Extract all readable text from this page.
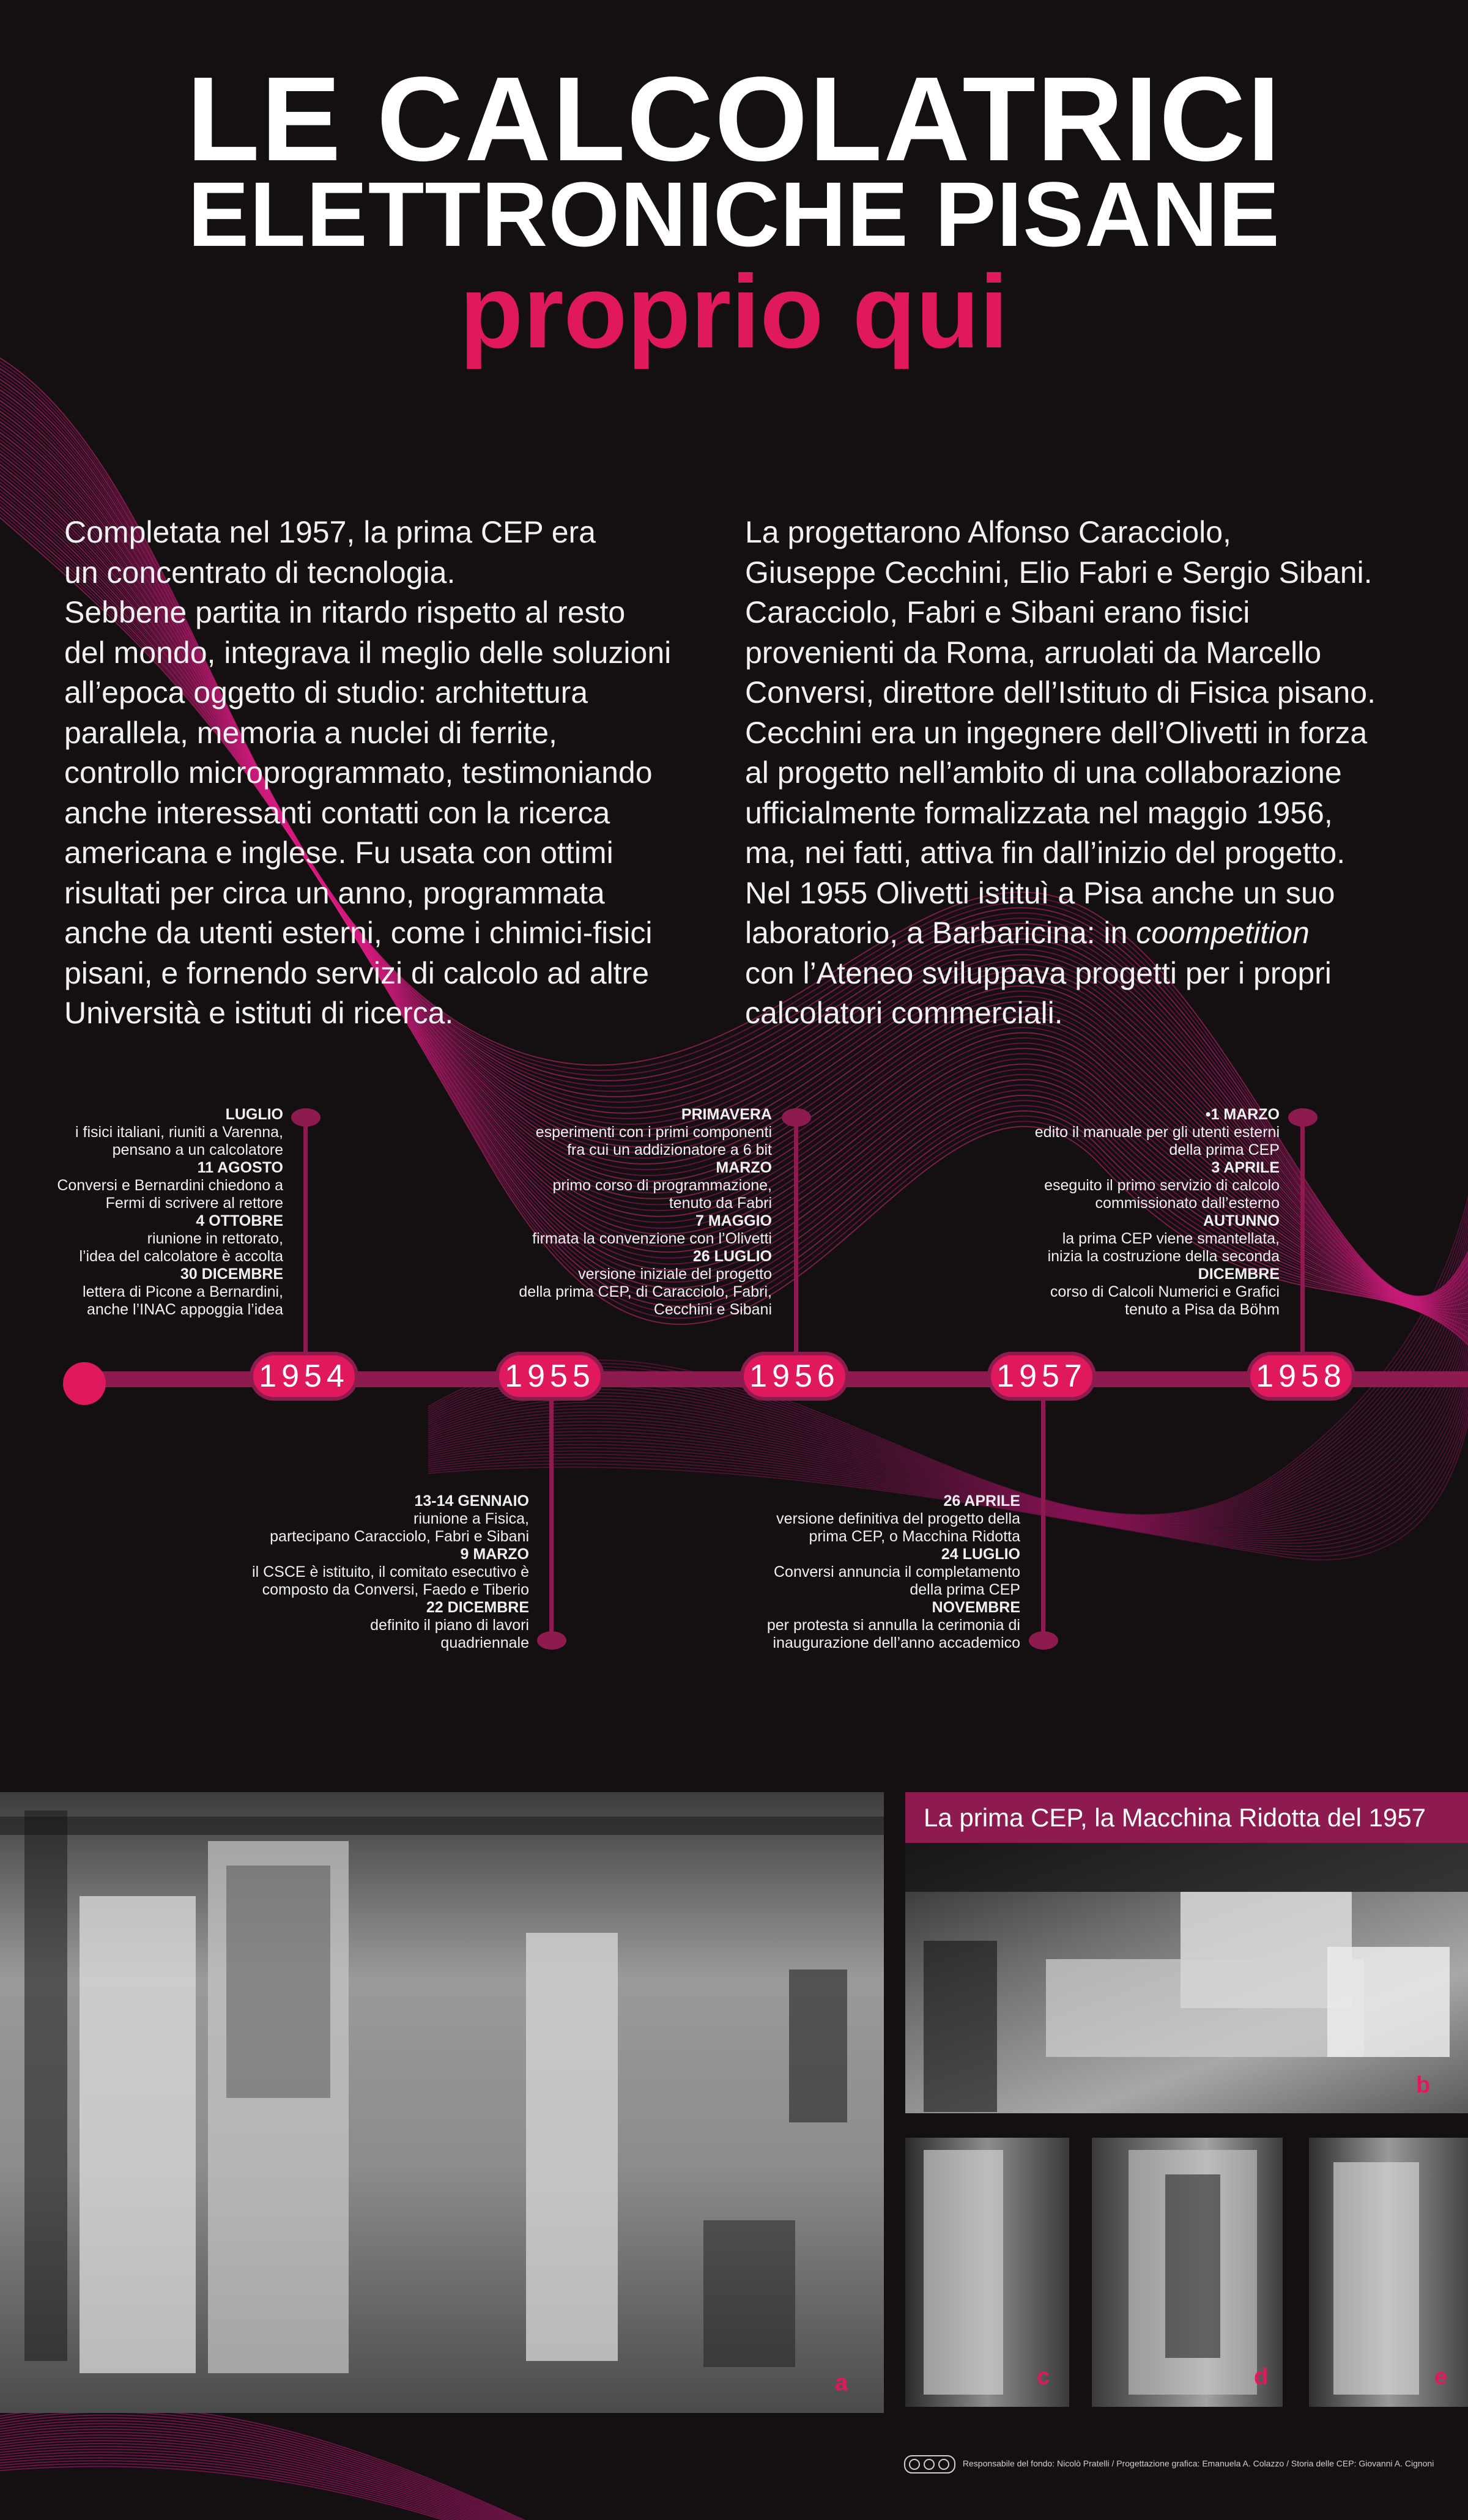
LE CALCOLATRICI
ELETTRONICHE PISANE
proprio qui

Completata nel 1957, la prima CEP era

un concentrato di tecnologia.

Sebbene partita in ritardo rispetto al resto

del mondo, integrava il meglio delle soluzioni

all’epoca oggetto di studio: architettura

parallela, memoria a nuclei di ferrite,

controllo microprogrammato, testimoniando

anche interessanti contatti con la ricerca

americana e inglese. Fu usata con ottimi

risultati per circa un anno, programmata

anche da utenti esterni, come i chimici-fisici

pisani, e fornendo servizi di calcolo ad altre

Università e istituti di ricerca.

La progettarono Alfonso Caracciolo,

Giuseppe Cecchini, Elio Fabri e Sergio Sibani.

Caracciolo, Fabri e Sibani erano fisici

provenienti da Roma, arruolati da Marcello

Conversi, direttore dell’Istituto di Fisica pisano.

Cecchini era un ingegnere dell’Olivetti in forza

al progetto nell’ambito di una collaborazione

ufficialmente formalizzata nel maggio 1956,

ma, nei fatti, attiva fin dall’inizio del progetto.

Nel 1955 Olivetti istituì a Pisa anche un suo

laboratorio, a Barbaricina: in coompetition

con l’Ateneo sviluppava progetti per i propri

calcolatori commerciali.

1954	1955	1956	1957	1958
LUGLIO
i fisici italiani, riuniti a Varenna,
pensano a un calcolatore
11 AGOSTO
Conversi e Bernardini chiedono a
Fermi di scrivere al rettore
4 OTTOBRE
riunione in rettorato,
l’idea del calcolatore è accolta
30 DICEMBRE
lettera di Picone a Bernardini,
anche l’INAC appoggia l’idea
13-14 GENNAIO
riunione a Fisica,
partecipano Caracciolo, Fabri e Sibani
9 MARZO
il CSCE è istituito, il comitato esecutivo è
composto da Conversi, Faedo e Tiberio
22 DICEMBRE
definito il piano di lavori
quadriennale
PRIMAVERA
esperimenti con i primi componenti
fra cui un addizionatore a 6 bit
MARZO
primo corso di programmazione,
tenuto da Fabri
7 MAGGIO
firmata la convenzione con l’Olivetti
26 LUGLIO
versione iniziale del progetto
della prima CEP, di Caracciolo, Fabri,
Cecchini e Sibani
26 APRILE
versione definitiva del progetto della
prima CEP, o Macchina Ridotta
24 LUGLIO
Conversi annuncia il completamento
della prima CEP
NOVEMBRE
per protesta si annulla la cerimonia di
inaugurazione dell’anno accademico
•1 MARZO
edito il manuale per gli utenti esterni
della prima CEP
3 APRILE
eseguito il primo servizio di calcolo
commissionato dall’esterno
AUTUNNO
la prima CEP viene smantellata,
inizia la costruzione della seconda
DICEMBRE
corso di Calcoli Numerici e Grafici
tenuto a Pisa da Böhm
a
La prima CEP, la Macchina Ridotta del 1957
b
c	d	e
Responsabile del fondo: Nicolò Pratelli / Progettazione grafica: Emanuela A. Colazzo / Storia delle CEP: Giovanni A. Cignoni
